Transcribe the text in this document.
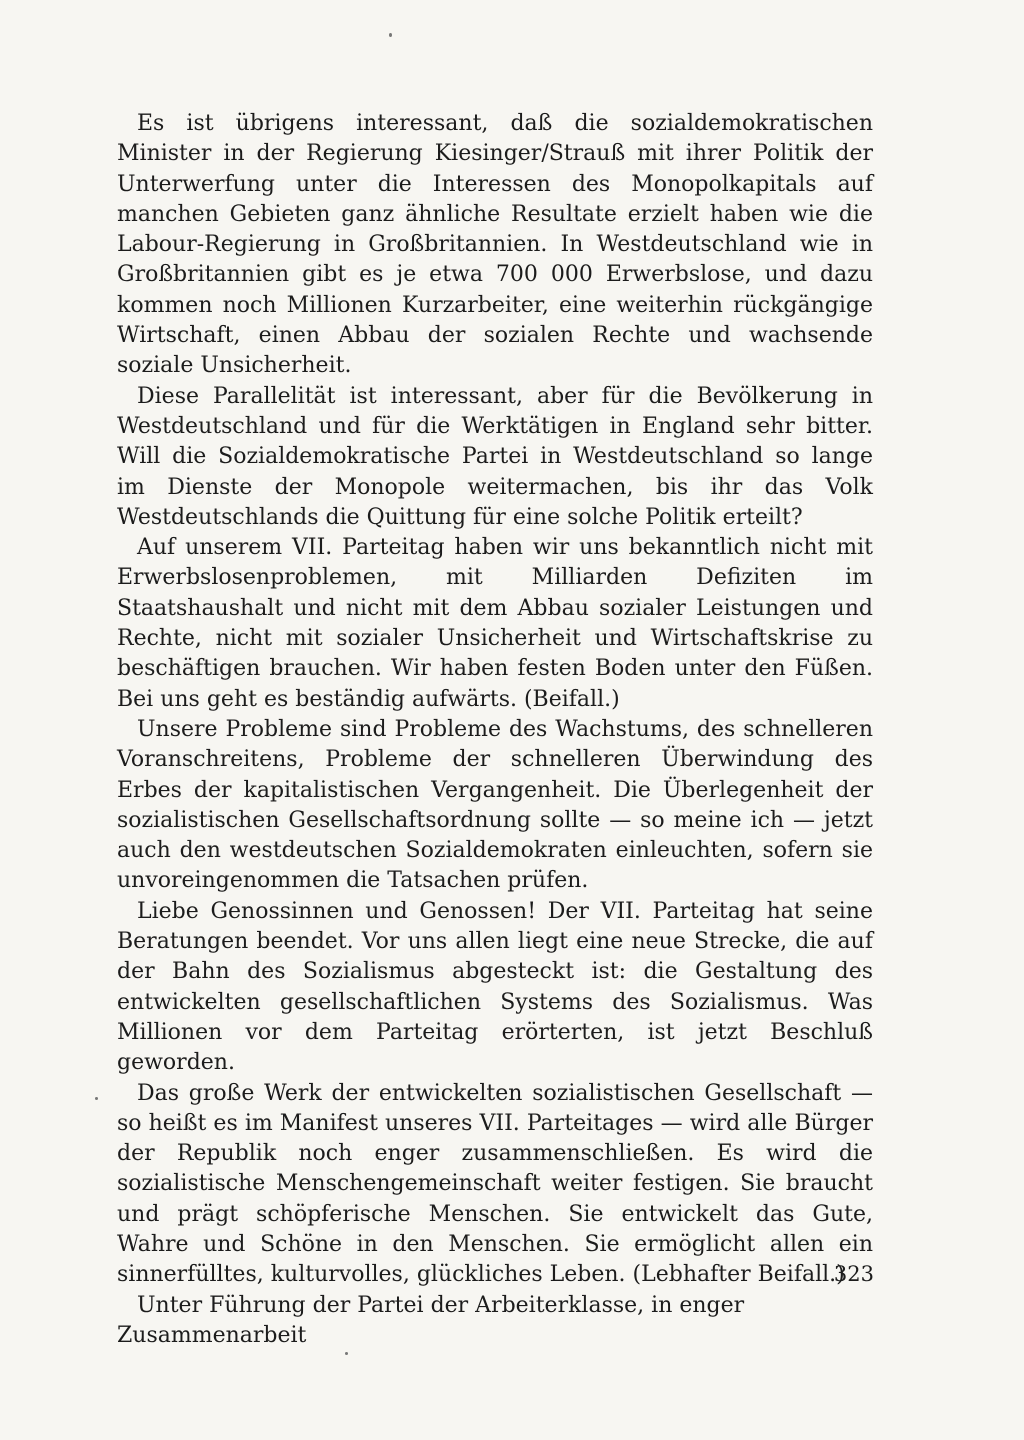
Es ist übrigens interessant, daß die sozialdemokratischen Minister in der Regierung Kiesinger/Strauß mit ihrer Politik der Unterwerfung unter die Interessen des Monopolkapitals auf manchen Gebieten ganz ähnliche Resultate erzielt haben wie die Labour-Regierung in Großbritannien. In Westdeutschland wie in Großbritannien gibt es je etwa 700 000 Erwerbslose, und dazu kommen noch Millionen Kurzarbeiter, eine weiterhin rückgängige Wirtschaft, einen Abbau der sozialen Rechte und wachsende soziale Unsicherheit.

Diese Parallelität ist interessant, aber für die Bevölkerung in Westdeutschland und für die Werktätigen in England sehr bitter. Will die Sozialdemokratische Partei in Westdeutschland so lange im Dienste der Monopole weitermachen, bis ihr das Volk Westdeutschlands die Quittung für eine solche Politik erteilt?

Auf unserem VII. Parteitag haben wir uns bekanntlich nicht mit Erwerbslosenproblemen, mit Milliarden Defiziten im Staatshaushalt und nicht mit dem Abbau sozialer Leistungen und Rechte, nicht mit sozialer Unsicherheit und Wirtschaftskrise zu beschäftigen brauchen. Wir haben festen Boden unter den Füßen. Bei uns geht es beständig aufwärts. (Beifall.)

Unsere Probleme sind Probleme des Wachstums, des schnelleren Voranschreitens, Probleme der schnelleren Überwindung des Erbes der kapitalistischen Vergangenheit. Die Überlegenheit der sozialistischen Gesellschaftsordnung sollte — so meine ich — jetzt auch den westdeutschen Sozialdemokraten einleuchten, sofern sie unvoreingenommen die Tatsachen prüfen.

Liebe Genossinnen und Genossen! Der VII. Parteitag hat seine Beratungen beendet. Vor uns allen liegt eine neue Strecke, die auf der Bahn des Sozialismus abgesteckt ist: die Gestaltung des entwickelten gesellschaftlichen Systems des Sozialismus. Was Millionen vor dem Parteitag erörterten, ist jetzt Beschluß geworden.

Das große Werk der entwickelten sozialistischen Gesellschaft — so heißt es im Manifest unseres VII. Parteitages — wird alle Bürger der Republik noch enger zusammenschließen. Es wird die sozialistische Menschengemeinschaft weiter festigen. Sie braucht und prägt schöpferische Menschen. Sie entwickelt das Gute, Wahre und Schöne in den Menschen. Sie ermöglicht allen ein sinnerfülltes, kulturvolles, glückliches Leben. (Lebhafter Beifall.)

Unter Führung der Partei der Arbeiterklasse, in enger Zusammenarbeit

323
